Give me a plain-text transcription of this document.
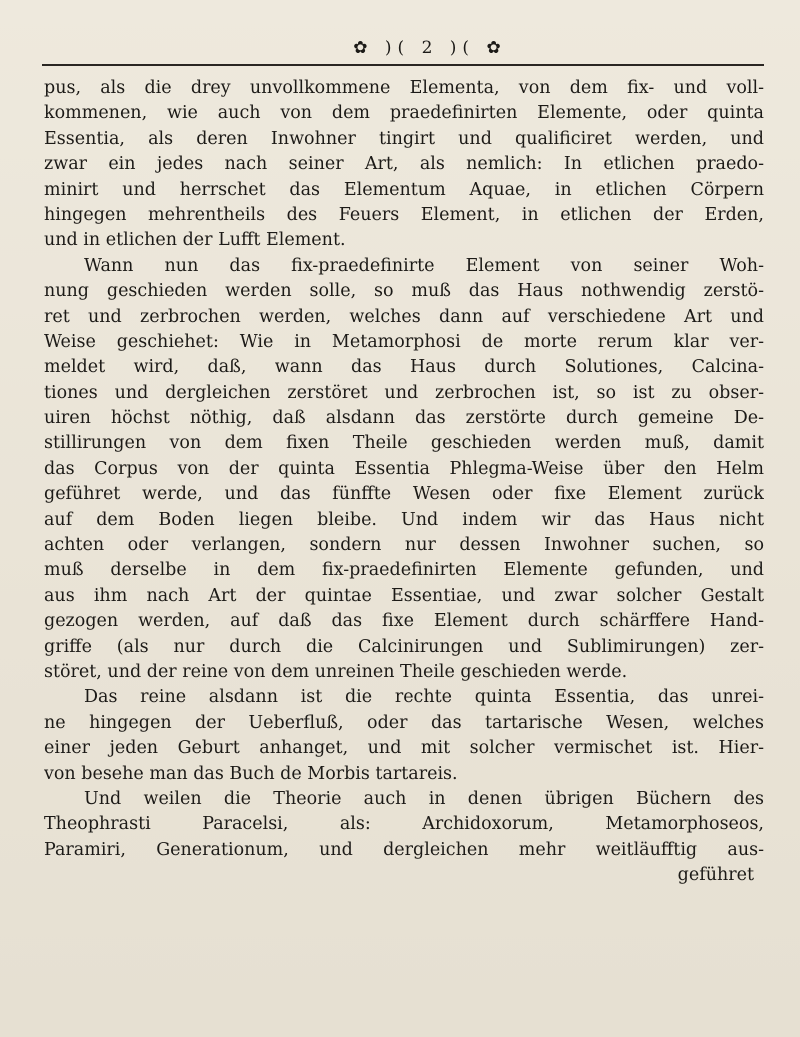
✿ )( 2 )( ✿
pus, als die drey unvollkommene Elementa, von dem fix- und voll-
kommenen, wie auch von dem praedefinirten Elemente, oder quinta
Essentia, als deren Inwohner tingirt und qualificiret werden, und
zwar ein jedes nach seiner Art, als nemlich: In etlichen praedo-
minirt und herrschet das Elementum Aquae, in etlichen Cörpern
hingegen mehrentheils des Feuers Element, in etlichen der Erden,
und in etlichen der Lufft Element.
Wann nun das fix-praedefinirte Element von seiner Woh-
nung geschieden werden solle, so muß das Haus nothwendig zerstö-
ret und zerbrochen werden, welches dann auf verschiedene Art und
Weise geschiehet: Wie in Metamorphosi de morte rerum klar ver-
meldet wird, daß, wann das Haus durch Solutiones, Calcina-
tiones und dergleichen zerstöret und zerbrochen ist, so ist zu obser-
uiren höchst nöthig, daß alsdann das zerstörte durch gemeine De-
stillirungen von dem fixen Theile geschieden werden muß, damit
das Corpus von der quinta Essentia Phlegma-Weise über den Helm
geführet werde, und das fünffte Wesen oder fixe Element zurück
auf dem Boden liegen bleibe. Und indem wir das Haus nicht
achten oder verlangen, sondern nur dessen Inwohner suchen, so
muß derselbe in dem fix-praedefinirten Elemente gefunden, und
aus ihm nach Art der quintae Essentiae, und zwar solcher Gestalt
gezogen werden, auf daß das fixe Element durch schärffere Hand-
griffe (als nur durch die Calcinirungen und Sublimirungen) zer-
störet, und der reine von dem unreinen Theile geschieden werde.
Das reine alsdann ist die rechte quinta Essentia, das unrei-
ne hingegen der Ueberfluß, oder das tartarische Wesen, welches
einer jeden Geburt anhanget, und mit solcher vermischet ist. Hier-
von besehe man das Buch de Morbis tartareis.
Und weilen die Theorie auch in denen übrigen Büchern des
Theophrasti Paracelsi, als: Archidoxorum, Metamorphoseos,
Paramiri, Generationum, und dergleichen mehr weitläufftig aus-
geführet
